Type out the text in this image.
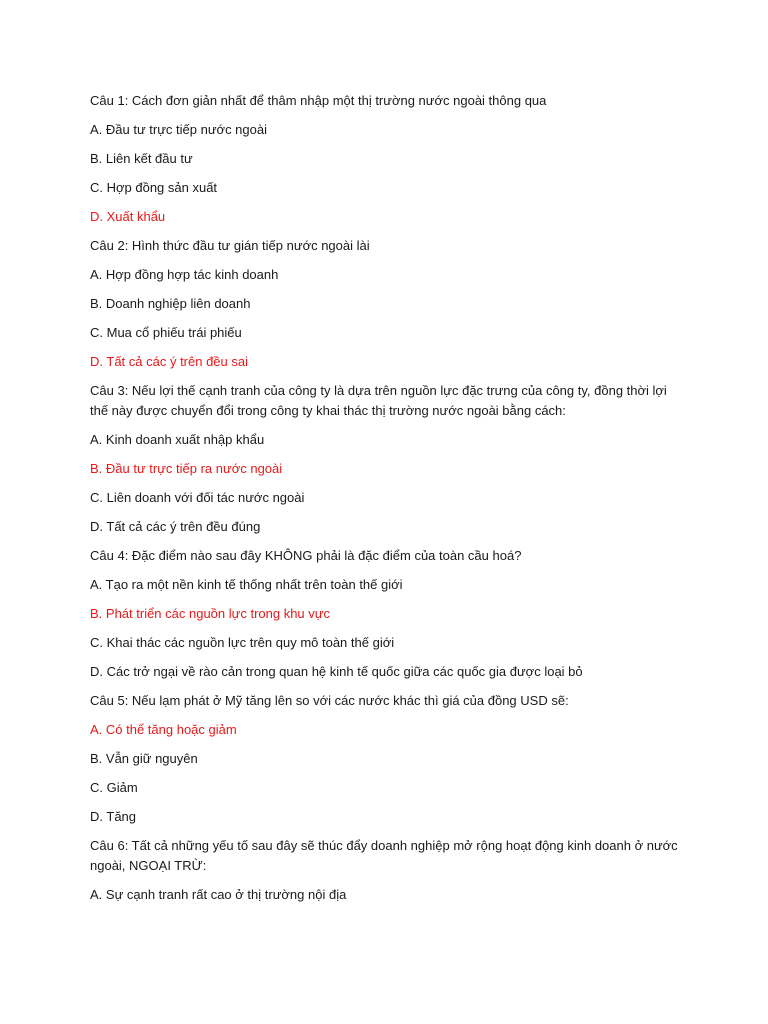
Câu 1: Cách đơn giản nhất để thâm nhập một thị trường nước ngoài thông qua

A. Đầu tư trực tiếp nước ngoài

B. Liên kết đầu tư

C. Hợp đồng sản xuất

D. Xuất khẩu

Câu 2: Hình thức đầu tư gián tiếp nước ngoài lài

A. Hợp đồng hợp tác kinh doanh

B. Doanh nghiệp liên doanh

C. Mua cổ phiếu trái phiếu

D. Tất cả các ý trên đều sai

Câu 3: Nếu lợi thế cạnh tranh của công ty là dựa trên nguồn lực đặc trưng của công ty, đồng thời lợi thế này được chuyển đổi trong công ty khai thác thị trường nước ngoài bằng cách:

A. Kinh doanh xuất nhập khẩu

B. Đầu tư trực tiếp ra nước ngoài

C. Liên doanh với đối tác nước ngoài

D. Tất cả các ý trên đều đúng

Câu 4: Đặc điểm nào sau đây KHÔNG phải là đặc điểm của toàn cầu hoá?

A. Tạo ra một nền kinh tế thống nhất trên toàn thế giới

B. Phát triển các nguồn lực trong khu vực

C. Khai thác các nguồn lực trên quy mô toàn thế giới

D. Các trở ngại về rào cản trong quan hệ kinh tế quốc giữa các quốc gia được loại bỏ

Câu 5: Nếu lạm phát ở Mỹ tăng lên so với các nước khác thì giá của đồng USD sẽ:

A. Có thể tăng hoặc giảm

B. Vẫn giữ nguyên

C. Giảm

D. Tăng

Câu 6: Tất cả những yếu tố sau đây sẽ thúc đẩy doanh nghiệp mở rộng hoạt động kinh doanh ở nước ngoài, NGOẠI TRỪ:

A. Sự cạnh tranh rất cao ở thị trường nội địa
